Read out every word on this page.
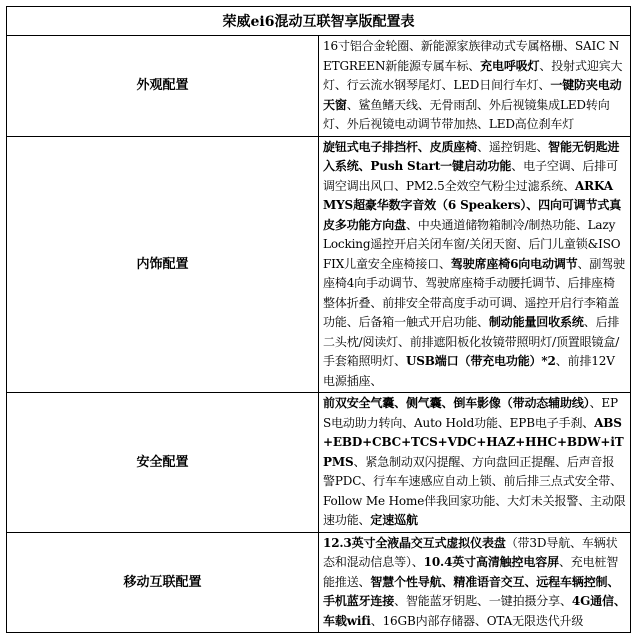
荣威ei6混动互联智享版配置表	
外观配置	16寸铝合金轮圈、新能源家族律动式专属格栅、SAIC NETGREEN新能源专属车标、充电呼吸灯、投射式迎宾大灯、行云流水钢琴尾灯、LED日间行车灯、一键防夹电动天窗、鲨鱼鳍天线、无骨雨刮、外后视镜集成LED转向灯、外后视镜电动调节带加热、LED高位刹车灯
内饰配置	旋钮式电子排挡杆、皮质座椅、遥控钥匙、智能无钥匙进入系统、Push Start一键启动功能、电子空调、后排可调空调出风口、PM2.5全效空气粉尘过滤系统、ARKAMYS超豪华数字音效（6 Speakers）、四向可调节式真皮多功能方向盘、中央通道储物箱制冷/制热功能、Lazy Locking遥控开启关闭车窗/关闭天窗、后门儿童锁&ISOFIX儿童安全座椅接口、驾驶席座椅6向电动调节、副驾驶座椅4向手动调节、驾驶席座椅手动腰托调节、后排座椅整体折叠、前排安全带高度手动可调、遥控开启行李箱盖功能、后备箱一触式开启功能、制动能量回收系统、后排二头枕/阅读灯、前排遮阳板化妆镜带照明灯/顶置眼镜盒/手套箱照明灯、USB端口（带充电功能）*2、前排12V电源插座、
安全配置	前双安全气囊、侧气囊、倒车影像（带动态辅助线）、EPS电动助力转向、Auto Hold功能、EPB电子手刹、ABS+EBD+CBC+TCS+VDC+HAZ+HHC+BDW+iTPMS、紧急制动双闪提醒、方向盘回正提醒、后声音报警PDC、行车车速感应自动上锁、前后排三点式安全带、Follow Me Home伴我回家功能、大灯未关报警、主动限速功能、定速巡航
移动互联配置	12.3英寸全液晶交互式虚拟仪表盘（带3D导航、车辆状态和混动信息等）、10.4英寸高清触控电容屏、充电桩智能推送、智慧个性导航、精准语音交互、远程车辆控制、手机蓝牙连接、智能蓝牙钥匙、一键拍摄分享、4G通信、车载wifi、16GB内部存储器、OTA无限迭代升级
